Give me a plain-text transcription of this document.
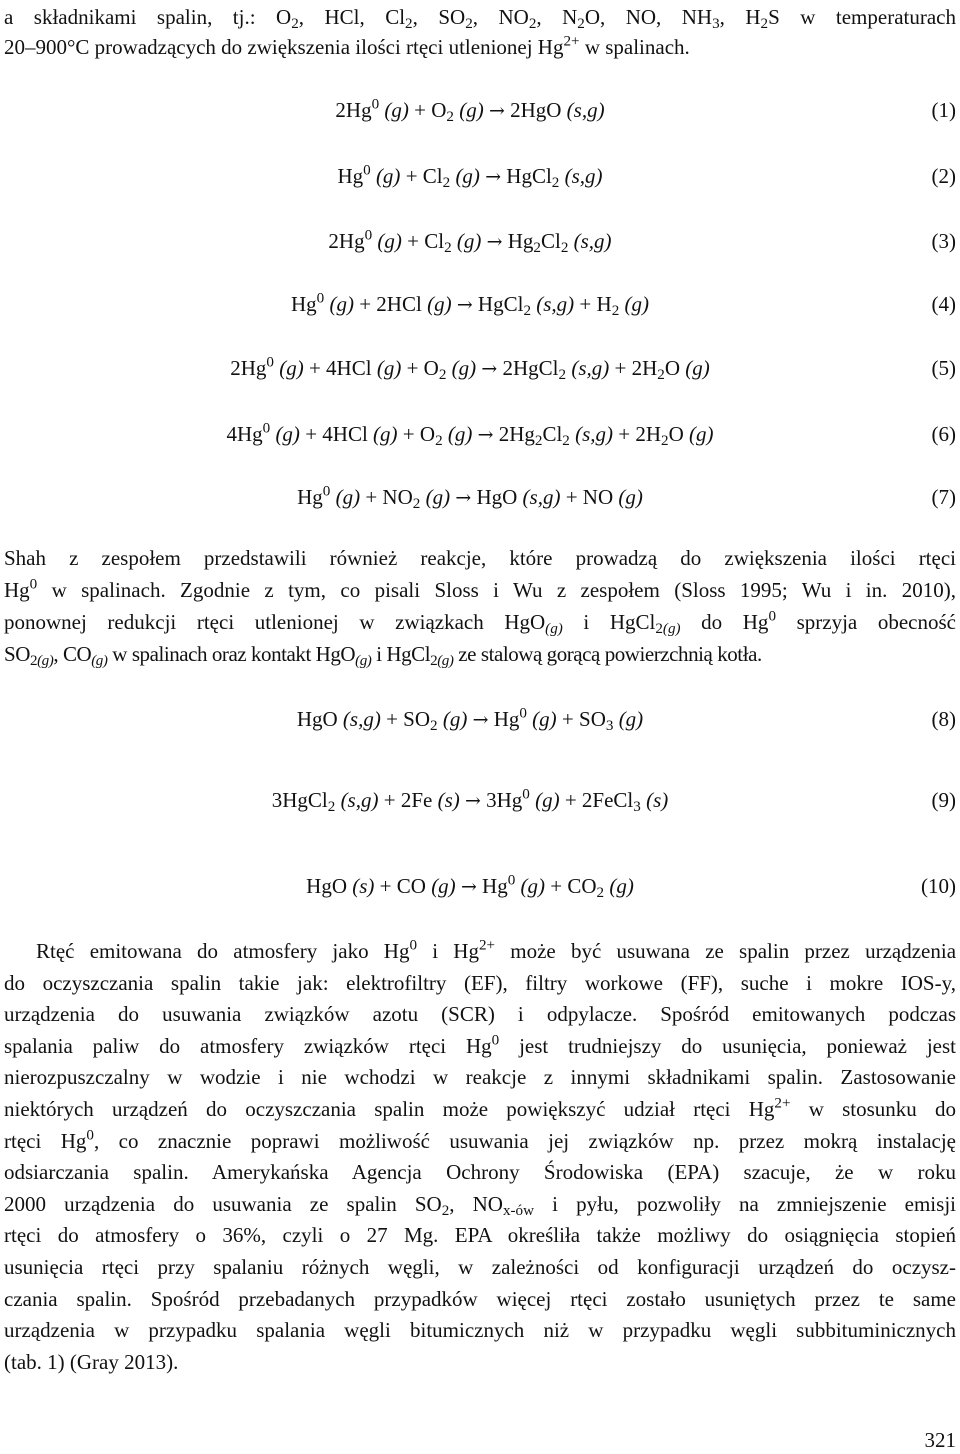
a składnikami spalin, tj.: $O_2$, HCl, $Cl_2$, $SO_2$, $NO_2$, $N_2O$, NO, $NH_3$, $H_2S$ w temperaturach
20–900°C prowadzących do zwiększenia ilości rtęci utlenionej $Hg^{2+}$ w spalinach.
2Hg$^0$ $(g) + O_2$ (g) → 2HgO (s,g)	(1)
Hg$^0$ $(g) + Cl_2$ (g) → HgCl$_2$ (s,g)	(2)
2Hg$^0$ $(g) + Cl_2$ $(g) \to Hg_2Cl_2$ (s,g)	(3)
Hg$^0$ (g) + 2HCl (g) → HgCl$_2$ $(s,g) + H_2$ (g)	(4)
2Hg$^0$ (g) + 4HCl $(g) + O_2$ (g) → 2HgCl$_2$ $(s,g) + 2H_2O$ (g)	(5)
4Hg$^0$ (g) + 4HCl $(g) + O_2$ $(g) \to 2Hg_2Cl_2$ $(s,g) + 2H_2O$ (g)	(6)
Hg$^0$ $(g) + NO_2$ (g) → HgO (s,g) + NO (g)	(7)
Shah z zespołem przedstawili również reakcje, które prowadzą do zwiększenia ilości rtęci
Hg$^0$ w spalinach. Zgodnie z tym, co pisali Sloss i Wu z zespołem (Sloss 1995; Wu i in. 2010),
ponownej redukcji rtęci utlenionej w związkach HgO$_{(g)}$ i HgCl$_{2(g)}$ do Hg$^0$ sprzyja obecność
$SO_{2(g)}$, $CO_{(g)}$ w spalinach oraz kontakt HgO$_{(g)}$ i HgCl$_{2(g)}$ ze stalową gorącą powierzchnią kotła.
HgO $(s,g) + SO_2$ $(g) \to Hg^0$ $(g) + SO_3$ (g)	(8)
3HgCl$_2$ (s,g) + 2Fe $(s) \to 3Hg^0$ (g) + 2FeCl$_3$ (s)	(9)
HgO (s) + CO $(g) \to Hg^0$ $(g) + CO_2$ (g)	(10)
Rtęć emitowana do atmosfery jako Hg$^0$ i $Hg^{2+}$ może być usuwana ze spalin przez urządzenia
do oczyszczania spalin takie jak: elektrofiltry (EF), filtry workowe (FF), suche i mokre IOS-y,
urządzenia do usuwania związków azotu (SCR) i odpylacze. Spośród emitowanych podczas
spalania paliw do atmosfery związków rtęci Hg$^0$ jest trudniejszy do usunięcia, ponieważ jest
nierozpuszczalny w wodzie i nie wchodzi w reakcje z innymi składnikami spalin. Zastosowanie
niektórych urządzeń do oczyszczania spalin może powiększyć udział rtęci $Hg^{2+}$ w stosunku do
rtęci Hg$^0$, co znacznie poprawi możliwość usuwania jej związków np. przez mokrą instalację
odsiarczania spalin. Amerykańska Agencja Ochrony Środowiska (EPA) szacuje, że w roku
2000 urządzenia do usuwania ze spalin $SO_2$, $NO_{x-ów}$ i pyłu, pozwoliły na zmniejszenie emisji
rtęci do atmosfery o 36%, czyli o 27 Mg. EPA określiła także możliwy do osiągnięcia stopień
usunięcia rtęci przy spalaniu różnych węgli, w zależności od konfiguracji urządzeń do oczysz-
czania spalin. Spośród przebadanych przypadków więcej rtęci zostało usuniętych przez te same
urządzenia w przypadku spalania węgli bitumicznych niż w przypadku węgli subbituminicznych
(tab. 1) (Gray 2013).
321
